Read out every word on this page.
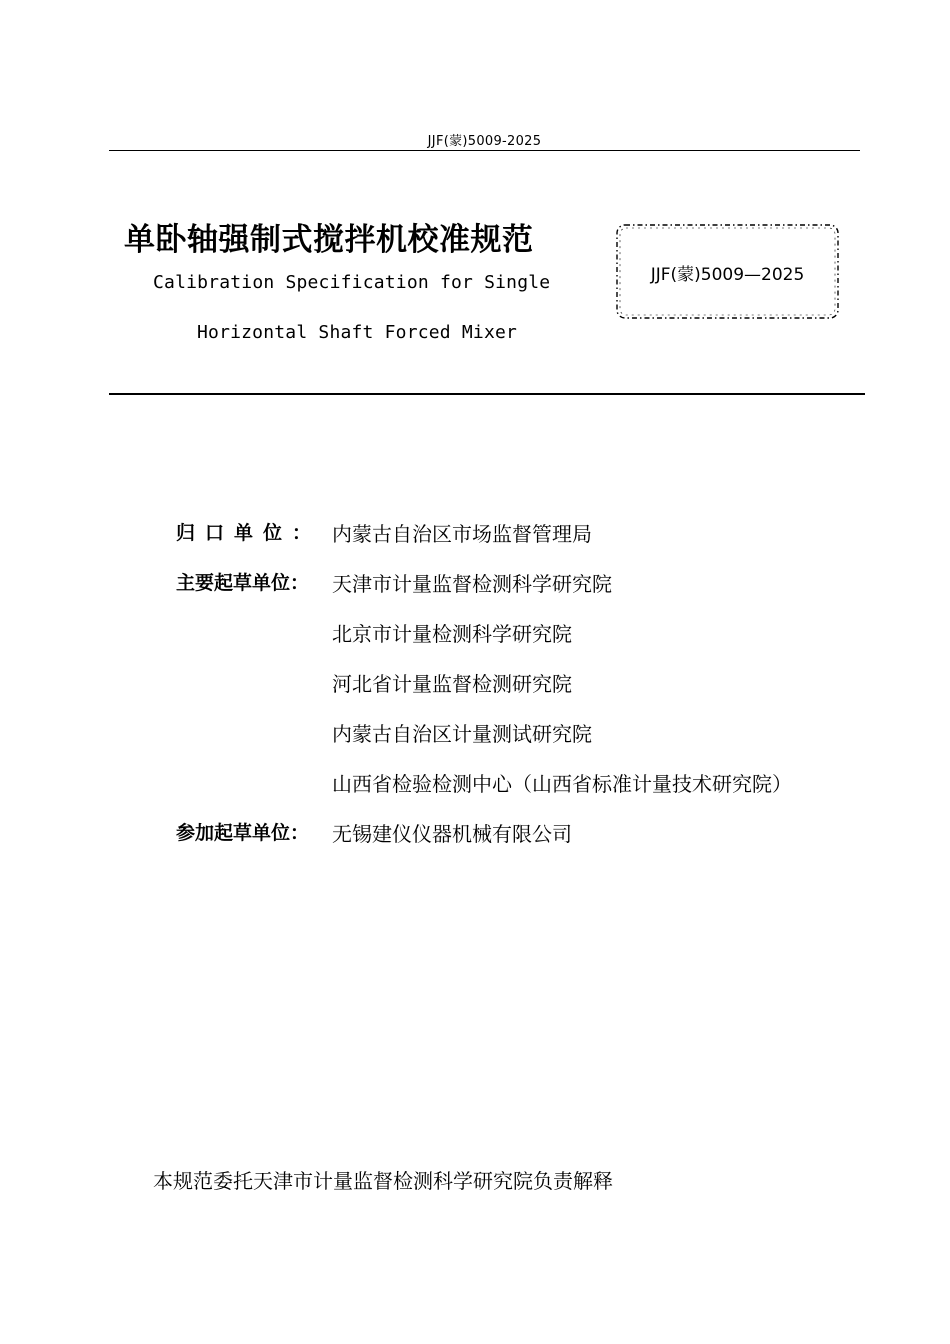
JJF(蒙)5009-2025
单卧轴强制式搅拌机校准规范
Calibration Specification for Single
Horizontal Shaft Forced Mixer
JJF(蒙)5009—2025
归口单位： 内蒙古自治区市场监督管理局
主要起草单位： 天津市计量监督检测科学研究院
北京市计量检测科学研究院
河北省计量监督检测研究院
内蒙古自治区计量测试研究院
山西省检验检测中心（山西省标准计量技术研究院）
参加起草单位： 无锡建仪仪器机械有限公司
本规范委托天津市计量监督检测科学研究院负责解释
